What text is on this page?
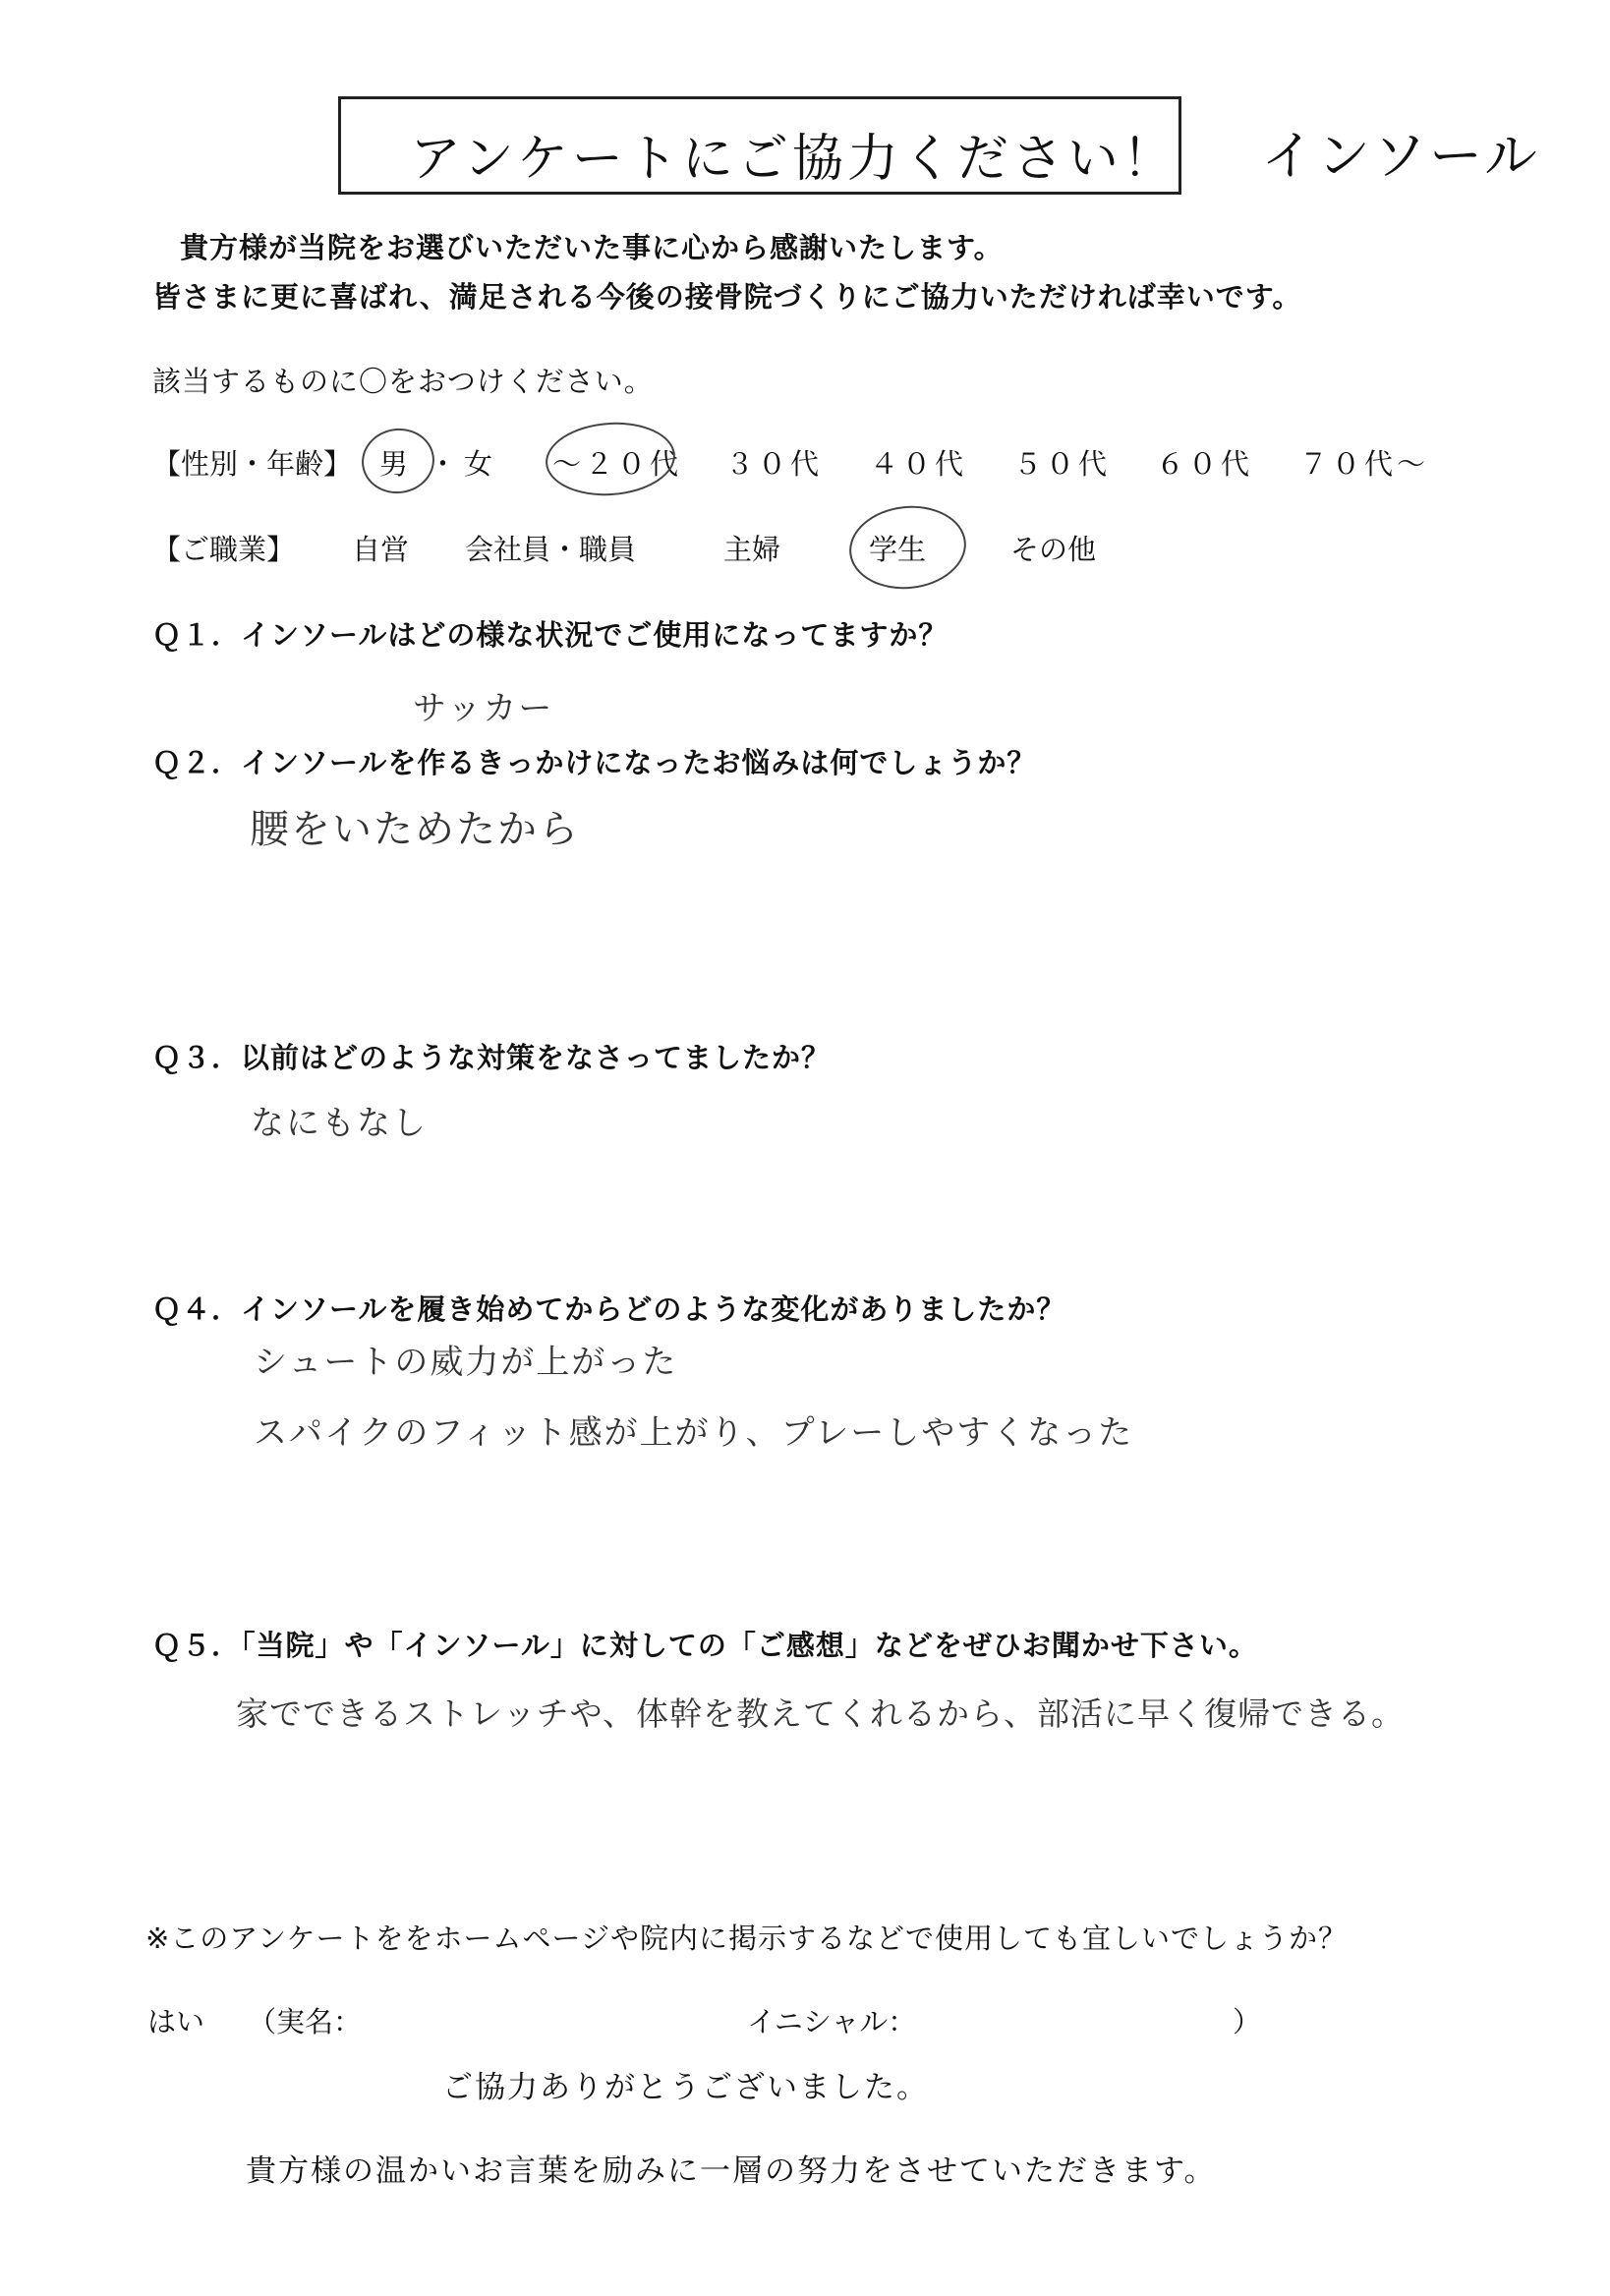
アンケートにご協力ください！ インソール
貴方様が当院をお選びいただいた事に心から感謝いたします。
皆さまに更に喜ばれ、満足される今後の接骨院づくりにご協力いただければ幸いです。
該当するものに〇をおつけください。
【性別・年齢】 男 ・ 女 ～２０代 ３０代 ４０代 ５０代 ６０代 ７０代～
【ご職業】 自営 会社員・職員	主婦	学生	その他
Ｑ１．インソールはどの様な状況でご使用になってますか？
サッカー
Ｑ２．インソールを作るきっかけになったお悩みは何でしょうか？
腰をいためたから
Ｑ３．以前はどのような対策をなさってましたか？
なにもなし
Ｑ４．インソールを履き始めてからどのような変化がありましたか？
シュートの威力が上がった
スパイクのフィット感が上がり、プレーしやすくなった
Ｑ５．「当院」や「インソール」に対しての「ご感想」などをぜひお聞かせ下さい。
家でできるストレッチや、体幹を教えてくれるから、部活に早く復帰できる。
※このアンケートををホームページや院内に掲示するなどで使用しても宜しいでしょうか？
はい （実名：	イニシャル：	）
ご協力ありがとうございました。
貴方様の温かいお言葉を励みに一層の努力をさせていただきます。
